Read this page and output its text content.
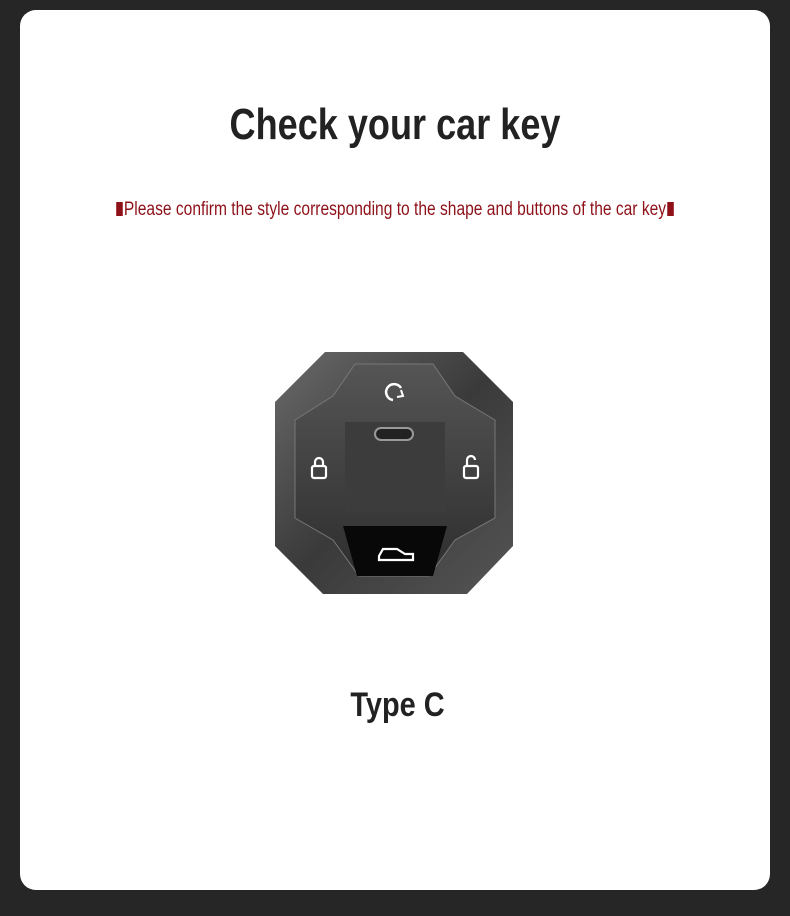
Check your car key
Please confirm the style corresponding to the shape and buttons of the car key
Type C
